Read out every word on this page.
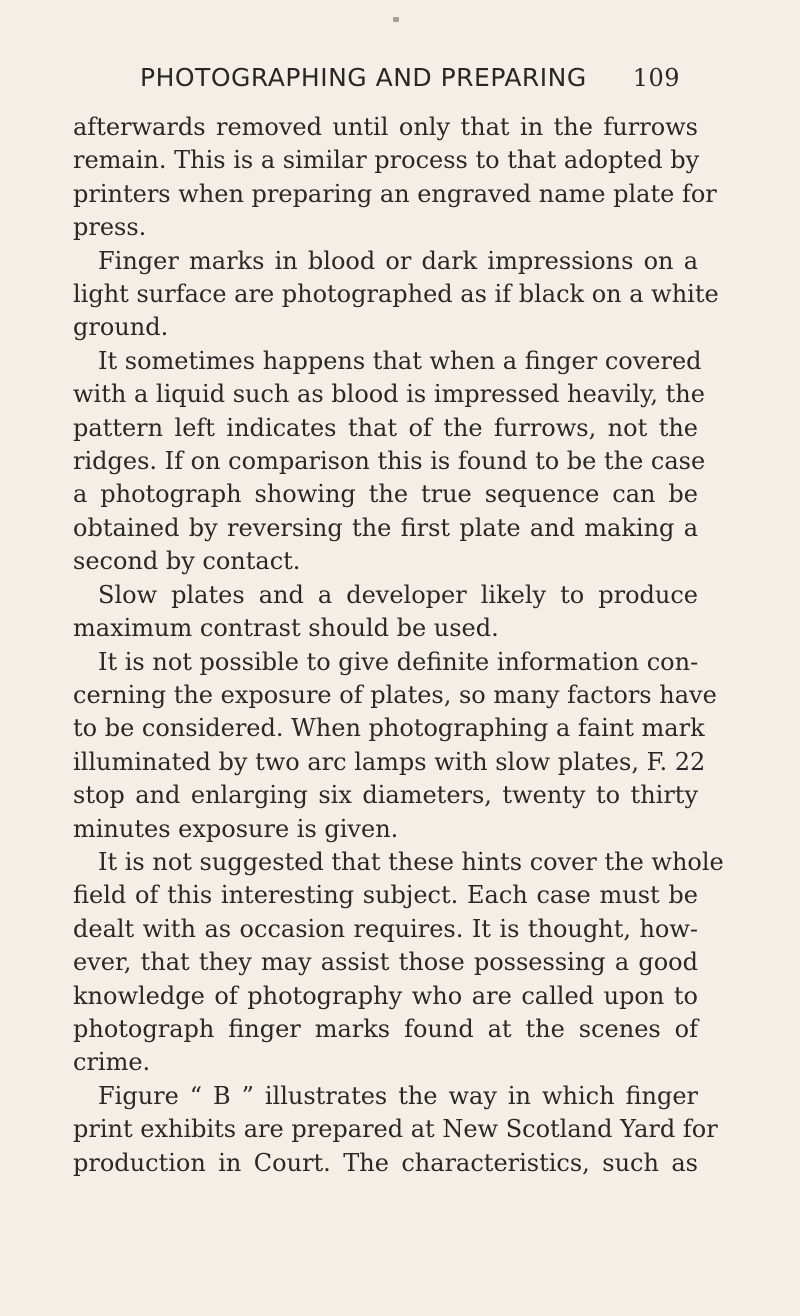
PHOTOGRAPHING AND PREPARING 109
afterwards removed until only that in the furrows
remain. This is a similar process to that adopted by
printers when preparing an engraved name plate for
press.
Finger marks in blood or dark impressions on a
light surface are photographed as if black on a white
ground.
It sometimes happens that when a finger covered
with a liquid such as blood is impressed heavily, the
pattern left indicates that of the furrows, not the
ridges. If on comparison this is found to be the case
a photograph showing the true sequence can be
obtained by reversing the first plate and making a
second by contact.
Slow plates and a developer likely to produce
maximum contrast should be used.
It is not possible to give definite information con-
cerning the exposure of plates, so many factors have
to be considered. When photographing a faint mark
illuminated by two arc lamps with slow plates, F. 22
stop and enlarging six diameters, twenty to thirty
minutes exposure is given.
It is not suggested that these hints cover the whole
field of this interesting subject. Each case must be
dealt with as occasion requires. It is thought, how-
ever, that they may assist those possessing a good
knowledge of photography who are called upon to
photograph finger marks found at the scenes of
crime.
Figure “ B ” illustrates the way in which finger
print exhibits are prepared at New Scotland Yard for
production in Court. The characteristics, such as
